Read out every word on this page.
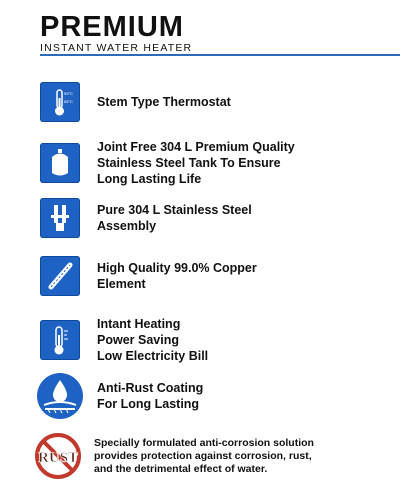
PREMIUM
INSTANT WATER HEATER
95°C
65°C Stem Type Thermostat
Joint Free 304 L Premium Quality
Stainless Steel Tank To Ensure
Long Lasting Life
Pure 304 L Stainless Steel
Assembly
High Quality 99.0% Copper
Element
Intant Heating
Power Saving
Low Electricity Bill
Anti-Rust Coating
For Long Lasting
RUST
Specially formulated anti-corrosion solution
provides protection against corrosion, rust,
and the detrimental effect of water.
